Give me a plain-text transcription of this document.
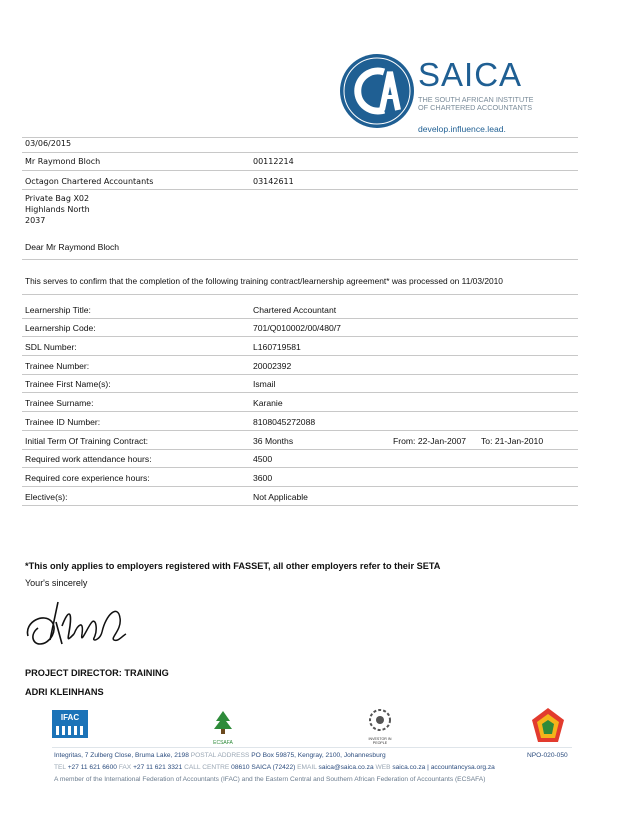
SAICA
THE SOUTH AFRICAN INSTITUTE
OF CHARTERED ACCOUNTANTS
develop.influence.lead.
03/06/2015
Mr Raymond Bloch	00112214
Octagon Chartered Accountants	03142611
Private Bag X02
Highlands North
2037
Dear Mr Raymond Bloch
This serves to confirm that the completion of the following training contract/learnership agreement* was processed on 11/03/2010
Learnership Title:	Chartered Accountant
Learnership Code:	701/Q010002/00/480/7
SDL Number:	L160719581
Trainee Number:	20002392
Trainee First Name(s):	Ismail
Trainee Surname:	Karanie
Trainee ID Number:	8108045272088
Initial Term Of Training Contract:	36 Months	From: 22-Jan-2007 To: 21-Jan-2010
Required work attendance hours:	4500
Required core experience hours:	3600
Elective(s):	Not Applicable
*This only applies to employers registered with FASSET, all other employers refer to their SETA
Your's sincerely
PROJECT DIRECTOR: TRAINING
ADRI KLEINHANS
IFAC
ECSAFA
INVESTOR IN PEOPLE
Integritas, 7 Zulberg Close, Bruma Lake, 2198 POSTAL ADDRESS PO Box 59875, Kengray, 2100, Johannesburg	NPO-020-050
TEL +27 11 621 6600 FAX +27 11 621 3321 CALL CENTRE 08610 SAICA (72422) EMAIL saica@saica.co.za WEB saica.co.za | accountancysa.org.za
A member of the International Federation of Accountants (IFAC) and the Eastern Central and Southern African Federation of Accountants (ECSAFA)
